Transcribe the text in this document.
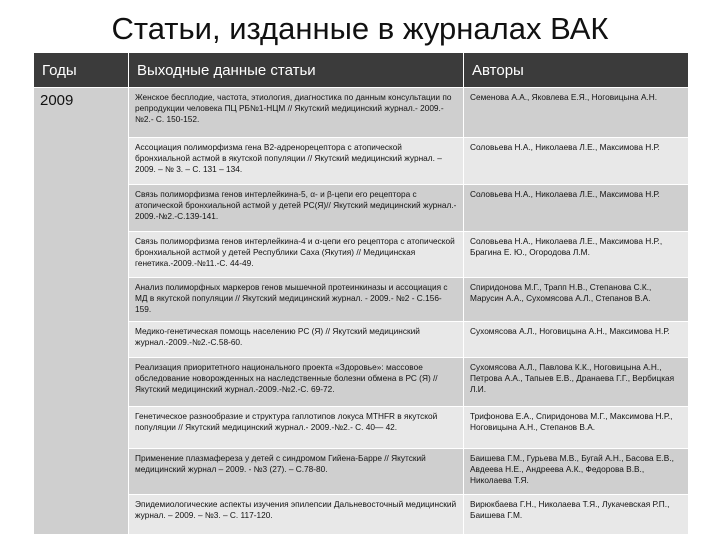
Статьи, изданные в журналах ВАК
Годы	Выходные данные статьи	Авторы
2009	Женское бесплодие, частота, этиология, диагностика по данным консультации по репродукции человека ПЦ РБ№1-НЦМ // Якутский медицинский журнал.- 2009.- №2.- С. 150-152.	Семенова А.А., Яковлева Е.Я., Ноговицына А.Н.
	Ассоциация полиморфизма гена В2-адренорецептора с атопической бронхиальной астмой в якутской популяции // Якутский медицинский журнал. – 2009. – № 3. – С. 131 – 134.	Соловьева Н.А., Николаева Л.Е., Максимова Н.Р.
	Связь полиморфизма генов интерлейкина-5, α- и β-цепи его рецептора с атопической бронхиальной астмой у детей РС(Я)// Якутский медицинский журнал.- 2009.-№2.-С.139-141.	Соловьева Н.А., Николаева Л.Е., Максимова Н.Р.
	Связь полиморфизма генов интерлейкина-4 и α-цепи его рецептора с атопической бронхиальной астмой у детей Республики Саха (Якутия) // Медицинская генетика.-2009.-№11.-С. 44-49.	Соловьева Н.А., Николаева Л.Е., Максимова Н.Р., Брагина Е. Ю., Огородова Л.М.
	Анализ полиморфных маркеров генов мышечной протеинкиназы и ассоциация с МД в якутской популяции // Якутский медицинский журнал. - 2009.- №2 - С.156-159.	Спиридонова М.Г., Трапп Н.В., Степанова С.К., Марусин А.А., Сухомясова А.Л., Степанов В.А.
	Медико-генетическая помощь населению РС (Я) // Якутский медицинский журнал.-2009.-№2.-С.58-60.	Сухомясова А.Л., Ноговицына А.Н., Максимова Н.Р.
	Реализация приоритетного национального проекта «Здоровье»: массовое обследование новорожденных на наследственные болезни обмена в РС (Я) // Якутский медицинский журнал.-2009.-№2.-С. 69-72.	Сухомясова А.Л., Павлова К.К., Ноговицына А.Н., Петрова А.А., Тапыев Е.В., Дранаева Г.Г., Вербицкая Л.И.
	Генетическое разнообразие и структура гаплотипов локуса MTHFR в якутской популяции // Якутский медицинский журнал.- 2009.-№2.- С. 40— 42.	Трифонова Е.А., Спиридонова М.Г., Максимова Н.Р., Ноговицына А.Н., Степанов В.А.
	Применение плазмафереза у детей с синдромом Гийена-Барре // Якутский медицинский журнал – 2009. - №3 (27). – С.78-80.	Баишева Г.М., Гурьева М.В., Бугай А.Н., Басова Е.В., Авдеева Н.Е., Андреева А.К., Федорова В.В., Николаева Т.Я.
	Эпидемиологические аспекты изучения эпилепсии Дальневосточный медицинский журнал. – 2009. – №3. – С. 117-120.	Вирюкбаева Г.Н., Николаева Т.Я., Лукачевская Р.П., Баишева Г.М.
